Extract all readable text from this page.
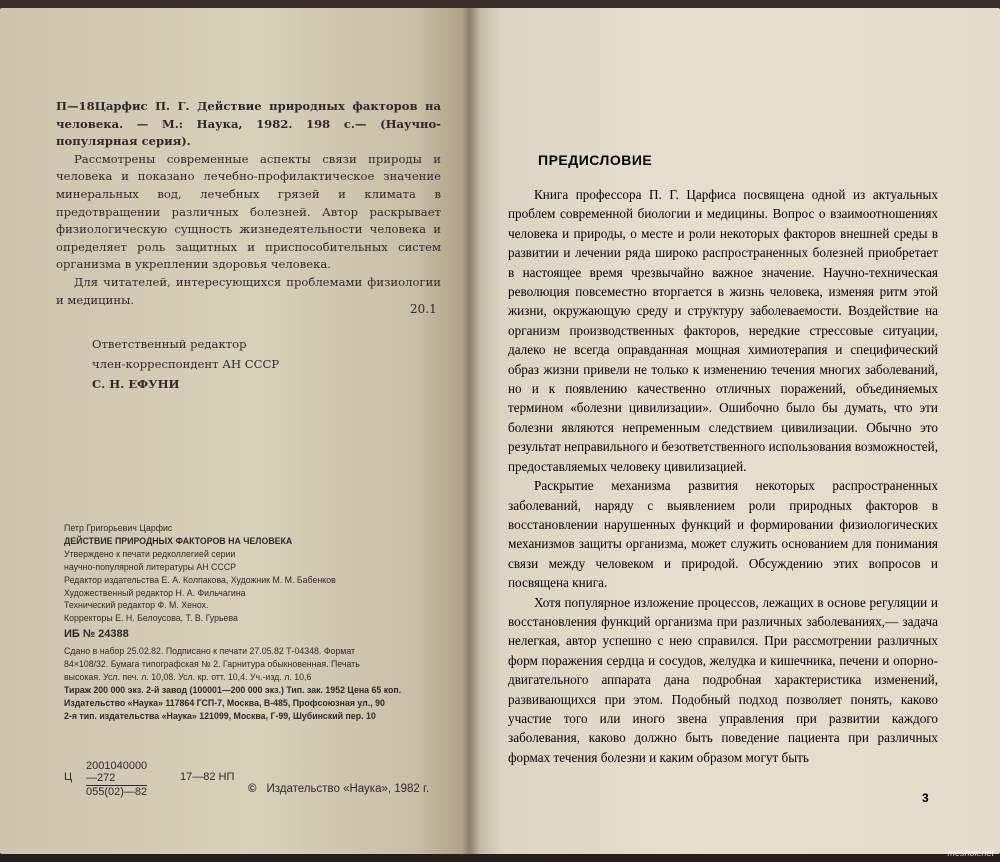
П—18Царфис П. Г. Действие природных факторов на человека. — М.: Наука, 1982. 198 с.— (Научно-популярная серия).

Рассмотрены современные аспекты связи природы и человека и показано лечебно-профилактическое значение минеральных вод, лечебных грязей и климата в предотвращении различных болезней. Автор раскрывает физиологическую сущность жизнедеятельности человека и определяет роль защитных и приспособительных систем организма в укреплении здоровья человека.

Для читателей, интересующихся проблемами физиологии и медицины.

20.1
Ответственный редактор
член-корреспондент АН СССР
С. Н. ЕФУНИ
Петр Григорьевич Царфис
ДЕЙСТВИЕ ПРИРОДНЫХ ФАКТОРОВ НА ЧЕЛОВЕКА
Утверждено к печати редколлегией серии
научно-популярной литературы АН СССР
Редактор издательства Е. А. Колпакова, Художник М. М. Бабенков
Художественный редактор Н. А. Фильчагина
Технический редактор Ф. М. Хенох.
Корректоры Е. Н. Белоусова, Т. В. Гурьева
ИБ № 24388
Сдано в набор 25.02.82. Подписано к печати 27.05.82 Т-04348. Формат
84×108/32. Бумага типографская № 2. Гарнитура обыкновенная. Печать
высокая. Усл. печ. л. 10,08. Усл. кр. отт. 10,4. Уч.-изд. л. 10,6
Тираж 200 000 экз. 2-й завод (100001—200 000 экз.) Тип. зак. 1952 Цена 65 коп.
Издательство «Наука» 117864 ГСП-7, Москва, В-485, Профсоюзная ул., 90
2-я тип. издательства «Наука» 121099, Москва, Г-99, Шубинский пер. 10
Ц $\frac{2001040000—272}{055(02)—82}$	17—82 НП
© Издательство «Наука», 1982 г.
ПРЕДИСЛОВИЕ

Книга профессора П. Г. Царфиса посвящена одной из актуальных проблем современной биологии и медицины. Вопрос о взаимоотношениях человека и природы, о месте и роли некоторых факторов внешней среды в развитии и лечении ряда широко распространенных болезней приобретает в настоящее время чрезвычайно важное значение. Научно-техническая революция повсеместно вторгается в жизнь человека, изменяя ритм этой жизни, окружающую среду и структуру заболеваемости. Воздействие на организм производственных факторов, нередкие стрессовые ситуации, далеко не всегда оправданная мощная химиотерапия и специфический образ жизни привели не только к изменению течения многих заболеваний, но и к появлению качественно отличных поражений, объединяемых термином «болезни цивилизации». Ошибочно было бы думать, что эти болезни являются непременным следствием цивилизации. Обычно это результат неправильного и безответственного использования возможностей, предоставляемых человеку цивилизацией.

Раскрытие механизма развития некоторых распространенных заболеваний, наряду с выявлением роли природных факторов в восстановлении нарушенных функций и формировании физиологических механизмов защиты организма, может служить основанием для понимания связи между человеком и природой. Обсуждению этих вопросов и посвящена книга.

Хотя популярное изложение процессов, лежащих в основе регуляции и восстановления функций организма при различных заболеваниях,— задача нелегкая, автор успешно с нею справился. При рассмотрении различных форм поражения сердца и сосудов, желудка и кишечника, печени и опорно-двигательного аппарата дана подробная характеристика изменений, развивающихся при этом. Подобный подход позволяет понять, каково участие того или иного звена управления при развитии каждого заболевания, каково должно быть поведение пациента при различных формах течения болезни и каким образом могут быть

3
meshok.net
